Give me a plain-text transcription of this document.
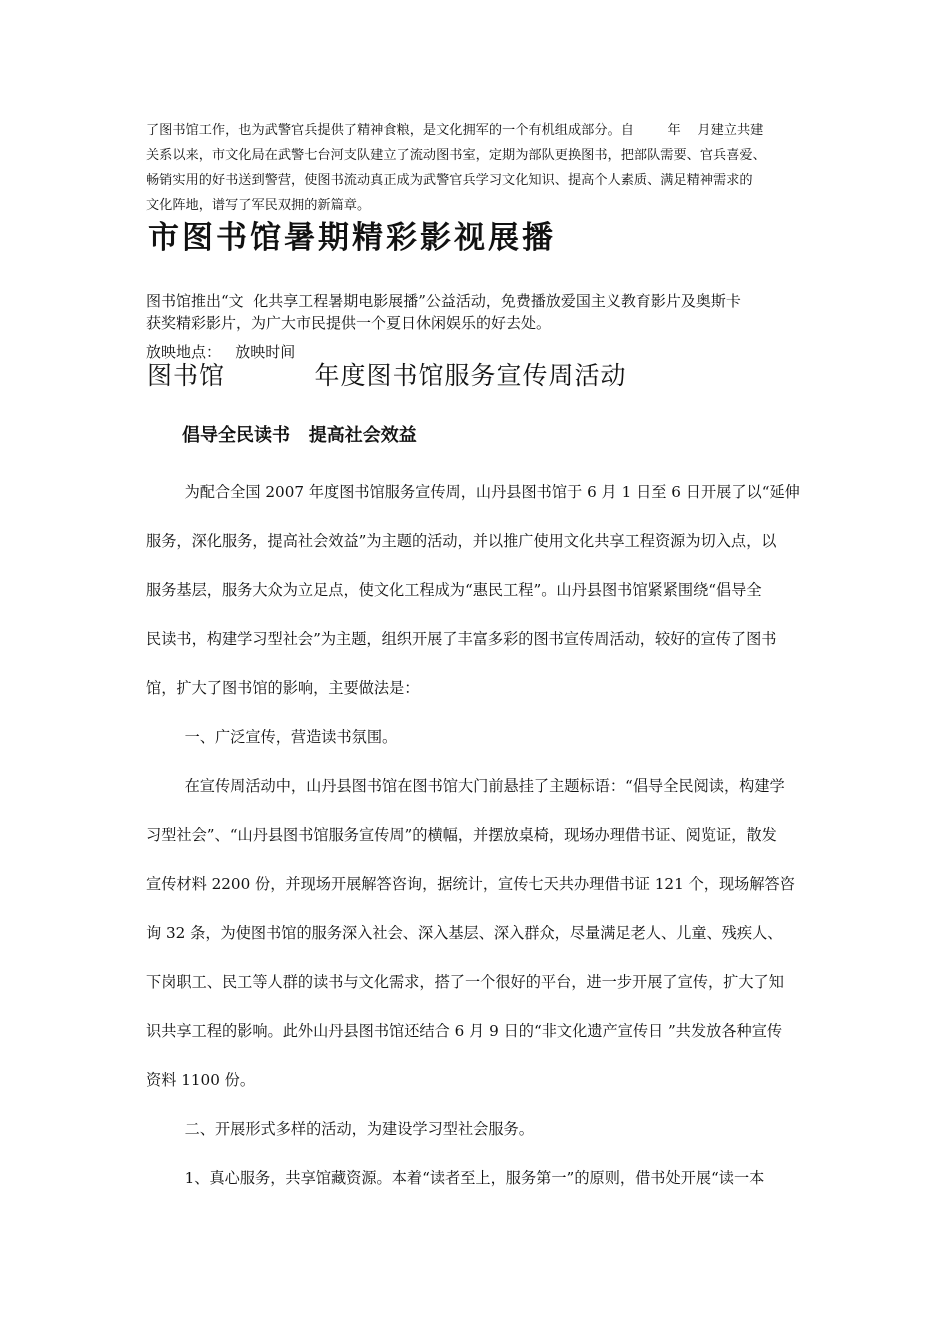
了图书馆工作，也为武警官兵提供了精神食粮，是文化拥军的一个有机组成部分。自        年    月建立共建
关系以来，市文化局在武警七台河支队建立了流动图书室，定期为部队更换图书，把部队需要、官兵喜爱、
畅销实用的好书送到警营，使图书流动真正成为武警官兵学习文化知识、提高个人素质、满足精神需求的
文化阵地，谱写了军民双拥的新篇章。

市图书馆暑期精彩影视展播

图书馆推出“文  化共享工程暑期电影展播”公益活动，免费播放爱国主义教育影片及奥斯卡
获奖精彩影片，为广大市民提供一个夏日休闲娱乐的好去处。

放映地点：   放映时间

图书馆          年度图书馆服务宣传周活动
倡导全民读书   提高社会效益
为配合全国 2007 年度图书馆服务宣传周，山丹县图书馆于 6 月 1 日至 6 日开展了以“延伸
服务，深化服务，提高社会效益”为主题的活动，并以推广使用文化共享工程资源为切入点，以
服务基层，服务大众为立足点，使文化工程成为“惠民工程”。山丹县图书馆紧紧围绕“倡导全
民读书，构建学习型社会”为主题，组织开展了丰富多彩的图书宣传周活动，较好的宣传了图书
馆，扩大了图书馆的影响，主要做法是：
一、广泛宣传，营造读书氛围。
在宣传周活动中，山丹县图书馆在图书馆大门前悬挂了主题标语：“倡导全民阅读，构建学
习型社会”、“山丹县图书馆服务宣传周”的横幅，并摆放桌椅，现场办理借书证、阅览证，散发
宣传材料 2200 份，并现场开展解答咨询，据统计，宣传七天共办理借书证 121 个，现场解答咨
询 32 条，为使图书馆的服务深入社会、深入基层、深入群众，尽量满足老人、儿童、残疾人、
下岗职工、民工等人群的读书与文化需求，搭了一个很好的平台，进一步开展了宣传，扩大了知
识共享工程的影响。此外山丹县图书馆还结合 6 月 9 日的“非文化遗产宣传日 ”共发放各种宣传
资料 1100 份。
二、开展形式多样的活动，为建设学习型社会服务。
1、真心服务，共享馆藏资源。本着“读者至上，服务第一”的原则，借书处开展“读一本
